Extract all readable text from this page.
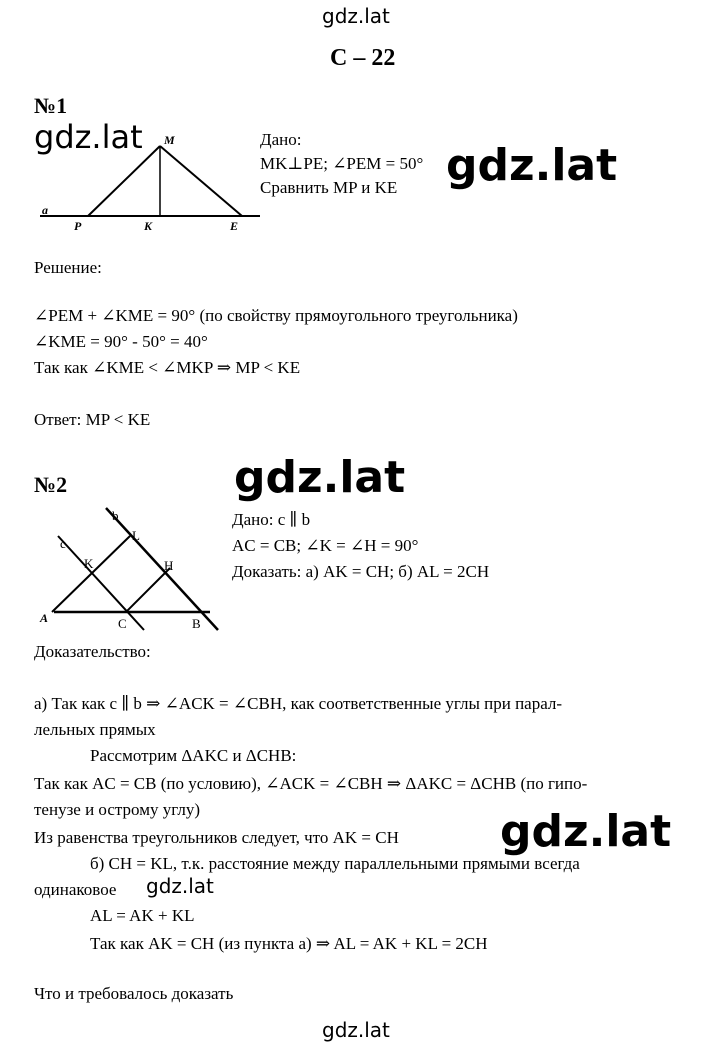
gdz.lat
gdz.lat
gdz.lat
gdz.lat
gdz.lat
gdz.lat
gdz.lat
С – 22
№1
a
P	K	E
M	Дано:
MK⊥PE; ∠PEM = 50°
Сравнить MP и KE
Решение:
∠PEM + ∠KME = 90° (по свойству прямоугольного треугольника)
∠KME = 90° - 50° = 40°
Так как ∠KME < ∠MKP ⇒ MP < KE
Ответ: MP < KE
№2
b
c
L
K	H
A	C	B
Дано: с ∥ b
AC = CB; ∠K = ∠H = 90°
Доказать: а) AK = CH; б) AL = 2CH
Доказательство:
а) Так как с ∥ b ⇒ ∠ACK = ∠CBH, как соответственные углы при парал-
лельных прямых
Рассмотрим ΔAKC и ΔCHB:
Так как AC = CB (по условию), ∠ACK = ∠CBH ⇒ ΔAKC = ΔCHB (по гипо-
тенузе и острому углу)
Из равенства треугольников следует, что AK = CH
б) CH = KL, т.к. расстояние между параллельными прямыми всегда
одинаковое
AL = AK + KL
Так как AK = CH (из пункта а) ⇒ AL = AK + KL = 2CH
Что и требовалось доказать
